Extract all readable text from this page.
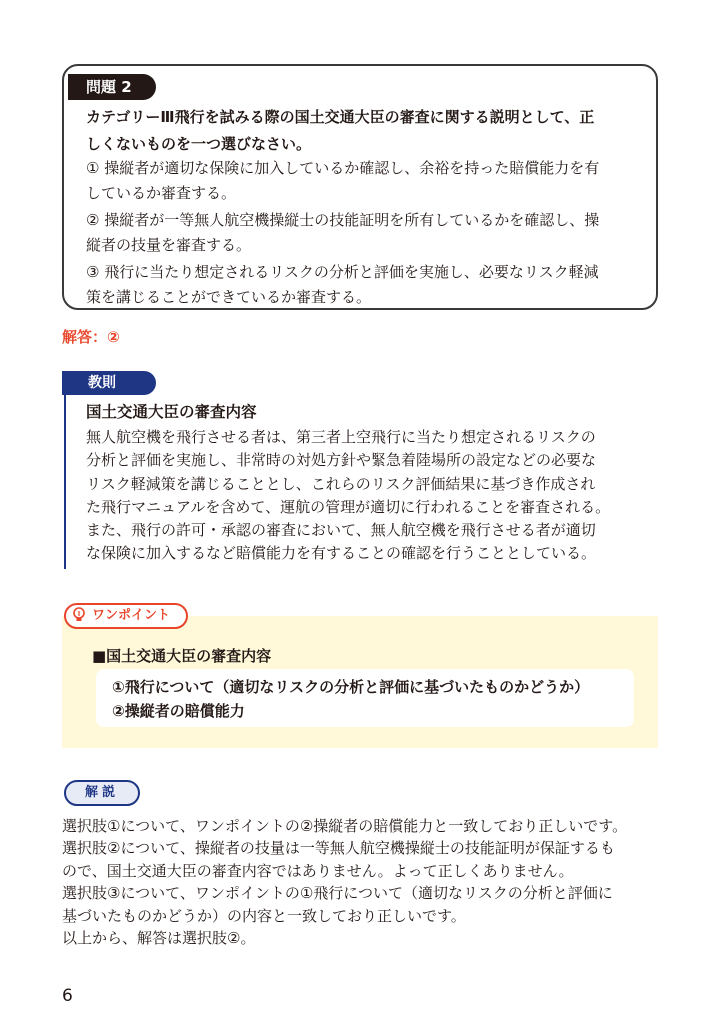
問題 2
カテゴリーⅢ飛行を試みる際の国土交通大臣の審査に関する説明として、正
しくないものを一つ選びなさい。
① 操縦者が適切な保険に加入しているか確認し、余裕を持った賠償能力を有
しているか審査する。
② 操縦者が一等無人航空機操縦士の技能証明を所有しているかを確認し、操
縦者の技量を審査する。
③ 飛行に当たり想定されるリスクの分析と評価を実施し、必要なリスク軽減
策を講じることができているか審査する。
解答：②
教則
国土交通大臣の審査内容
無人航空機を飛行させる者は、第三者上空飛行に当たり想定されるリスクの
分析と評価を実施し、非常時の対処方針や緊急着陸場所の設定などの必要な
リスク軽減策を講じることとし、これらのリスク評価結果に基づき作成され
た飛行マニュアルを含めて、運航の管理が適切に行われることを審査される。
また、飛行の許可・承認の審査において、無人航空機を飛行させる者が適切
な保険に加入するなど賠償能力を有することの確認を行うこととしている。
ワンポイント
■国土交通大臣の審査内容
①飛行について（適切なリスクの分析と評価に基づいたものかどうか）
②操縦者の賠償能力
解説
選択肢①について、ワンポイントの②操縦者の賠償能力と一致しており正しいです。
選択肢②について、操縦者の技量は一等無人航空機操縦士の技能証明が保証するも
ので、国土交通大臣の審査内容ではありません。よって正しくありません。
選択肢③について、ワンポイントの①飛行について（適切なリスクの分析と評価に
基づいたものかどうか）の内容と一致しており正しいです。
以上から、解答は選択肢②。
6
